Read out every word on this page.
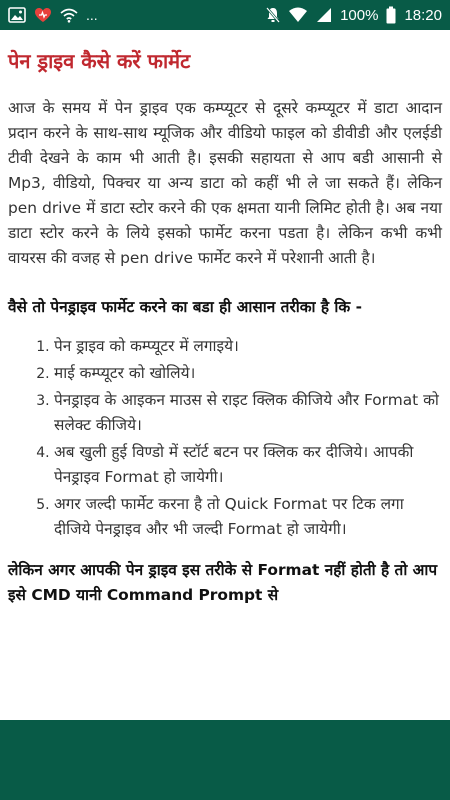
...	100% 18:20
पेन ड्राइव कैसे करें फार्मेट

आज के समय में पेन ड्राइव एक कम्प्यूटर से दूसरे कम्प्यूटर में डाटा आदान प्रदान करने के साथ-साथ म्यूजिक और वीडियो फाइल को डीवीडी और एलईडी टीवी देखने के काम भी आती है। इसकी सहायता से आप बडी आसानी से Mp3, वीडियो, पिक्चर या अन्य डाटा को कहीं भी ले जा सकते हैं। लेकिन pen drive में डाटा स्टोर करने की एक क्षमता यानी लिमिट होती है। अब नया डाटा स्टोर करने के लिये इसको फार्मेट करना पडता है। लेकिन कभी कभी वायरस की वजह से pen drive फार्मेट करने में परेशानी आती है।

वैसे तो पेनड्राइव फार्मेट करने का बडा ही आसान तरीका है कि -

1. पेन ड्राइव को कम्प्यूटर में लगाइये।
2. माई कम्प्यूटर को खोलिये।
3. पेनड्राइव के आइकन माउस से राइट क्लिक कीजिये और Format को सलेक्ट कीजिये।
4. अब खुली हुई विण्डो में स्टॉर्ट बटन पर क्लिक कर दीजिये। आपकी पेनड्राइव Format हो जायेगी।
5. अगर जल्दी फार्मेट करना है तो Quick Format पर टिक लगा दीजिये पेनड्राइव और भी जल्दी Format हो जायेगी।

लेकिन अगर आपकी पेन ड्राइव इस तरीके से Format नहीं होती है तो आप इसे CMD यानी Command Prompt से
